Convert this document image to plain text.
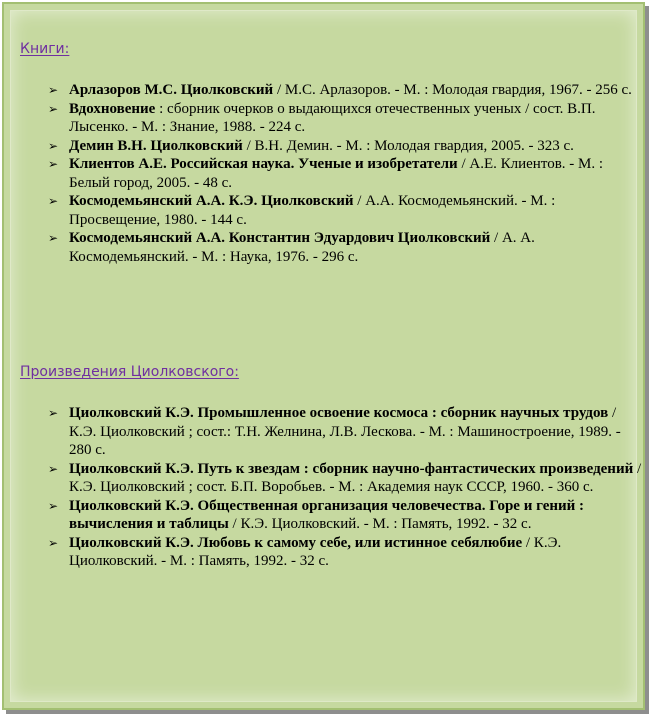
Книги:
➢ Арлазоров М.С. Циолковский / М.С. Арлазоров. - М. : Молодая гвардия, 1967. - 256 с.
➢ Вдохновение : сборник очерков о выдающихся отечественных ученых / сост. В.П. Лысенко. - М. : Знание, 1988. - 224 с.
➢ Демин В.Н. Циолковский / В.Н. Демин. - М. : Молодая гвардия, 2005. - 323 с.
➢ Клиентов А.Е. Российская наука. Ученые и изобретатели / А.Е. Клиентов. - М. : Белый город, 2005. - 48 с.
➢ Космодемьянский А.А. К.Э. Циолковский / А.А. Космодемьянский. - М. : Просвещение, 1980. - 144 с.
➢ Космодемьянский А.А. Константин Эдуардович Циолковский / А. А. Космодемьянский. - М. : Наука, 1976. - 296 с.
Произведения Циолковского:
➢ Циолковский К.Э. Промышленное освоение космоса : сборник научных трудов / К.Э. Циолковский ; сост.: Т.Н. Желнина, Л.В. Лескова. - М. : Машиностроение, 1989. - 280 с.
➢ Циолковский К.Э. Путь к звездам : сборник научно-фантастических произведений / К.Э. Циолковский ; сост. Б.П. Воробьев. - М. : Академия наук СССР, 1960. - 360 с.
➢ Циолковский К.Э. Общественная организация человечества. Горе и гений : вычисления и таблицы / К.Э. Циолковский. - М. : Память, 1992. - 32 с.
➢ Циолковский К.Э. Любовь к самому себе, или истинное себялюбие / К.Э. Циолковский. - М. : Память, 1992. - 32 с.
